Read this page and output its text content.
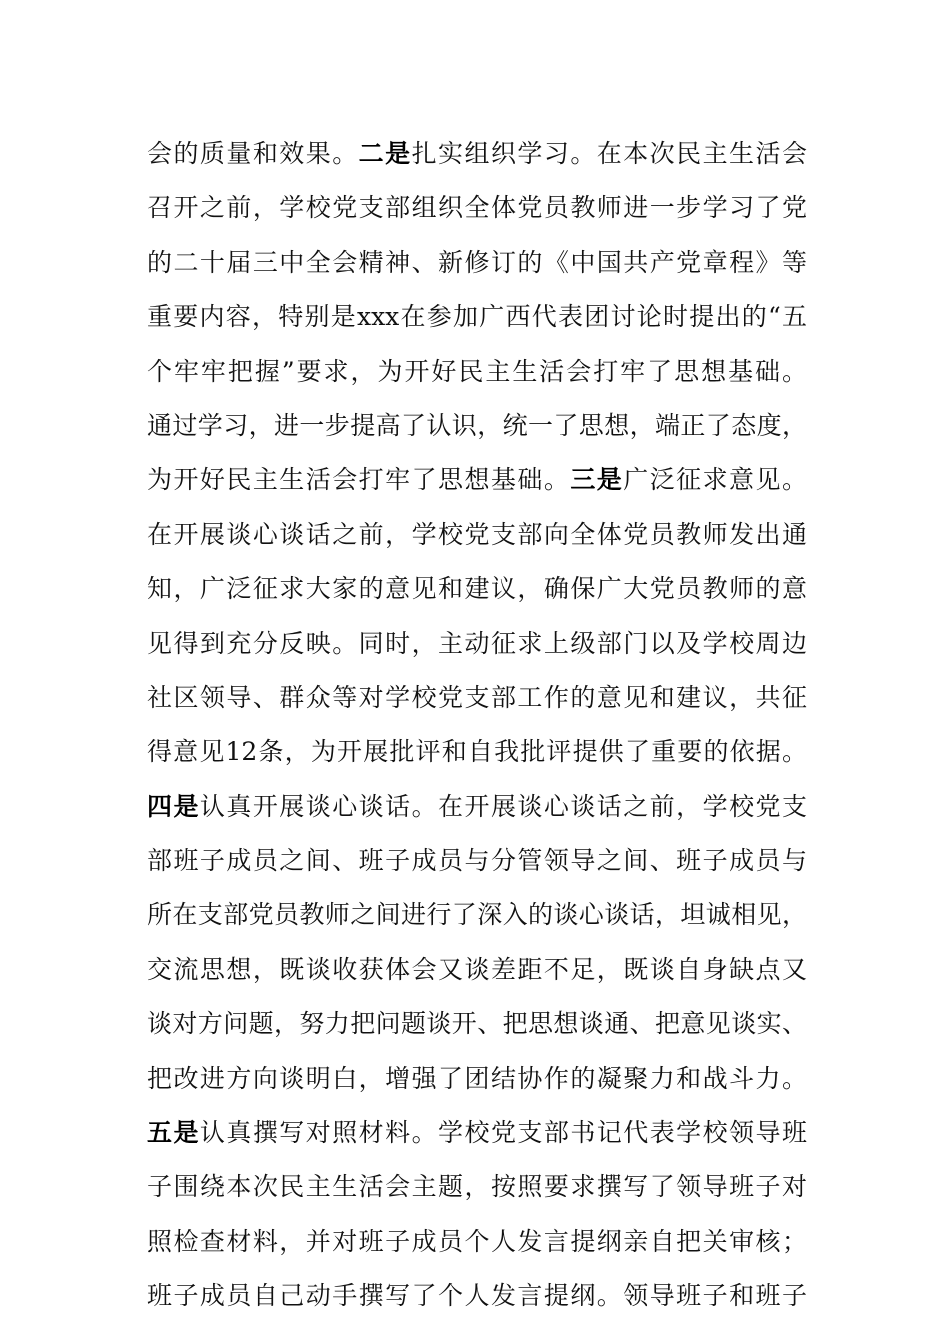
会的质量和效果。二是扎实组织学习。在本次民主生活会
召开之前，学校党支部组织全体党员教师进一步学习了党
的二十届三中全会精神、新修订的《中国共产党章程》等
重要内容，特别是xxx在参加广西代表团讨论时提出的“五
个牢牢把握”要求，为开好民主生活会打牢了思想基础。
通过学习，进一步提高了认识，统一了思想，端正了态度，
为开好民主生活会打牢了思想基础。三是广泛征求意见。
在开展谈心谈话之前，学校党支部向全体党员教师发出通
知，广泛征求大家的意见和建议，确保广大党员教师的意
见得到充分反映。同时，主动征求上级部门以及学校周边
社区领导、群众等对学校党支部工作的意见和建议，共征
得意见12条，为开展批评和自我批评提供了重要的依据。
四是认真开展谈心谈话。在开展谈心谈话之前，学校党支
部班子成员之间、班子成员与分管领导之间、班子成员与
所在支部党员教师之间进行了深入的谈心谈话，坦诚相见，
交流思想，既谈收获体会又谈差距不足，既谈自身缺点又
谈对方问题，努力把问题谈开、把思想谈通、把意见谈实、
把改进方向谈明白，增强了团结协作的凝聚力和战斗力。
五是认真撰写对照材料。学校党支部书记代表学校领导班
子围绕本次民主生活会主题，按照要求撰写了领导班子对
照检查材料，并对班子成员个人发言提纲亲自把关审核；
班子成员自己动手撰写了个人发言提纲。领导班子和班子
